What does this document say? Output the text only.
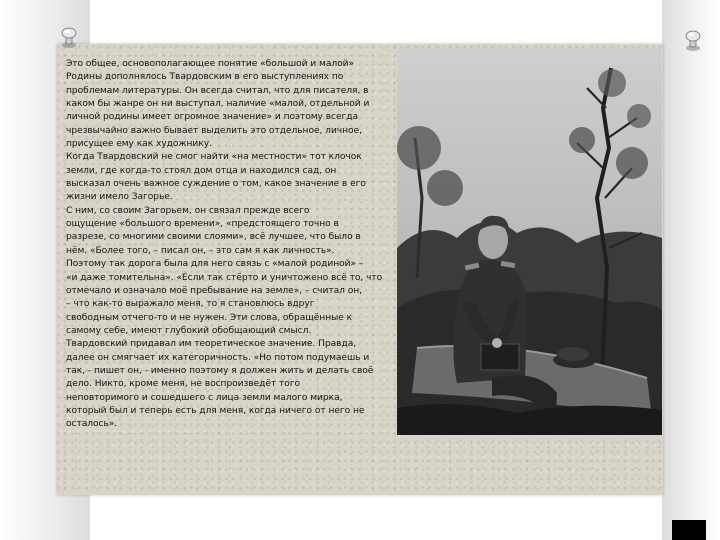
Это общее, основополагающее понятие «большой и малой»
Родины дополнялось Твардовским в его выступлениях по
проблемам литературы. Он всегда считал, что для писателя, в
каком бы жанре он ни выступал, наличие «малой, отдельной и
личной родины имеет огромное значение» и поэтому всегда
чрезвычайно важно бывает выделить это отдельное, личное,
присущее ему как художнику.
Когда Твардовский не смог найти «на местности» тот клочок
земли, где когда-то стоял дом отца и находился сад, он
высказал очень важное суждение о том, какое значение в его
жизни имело Загорье.
С ним, со своим Загорьем, он связал прежде всего
ощущение «большого времени», «предстоящего точно в
разрезе, со многими своими слоями», всё лучшее, что было в
нём. «Более того, – писал он, – это сам я как личность».
Поэтому так дорога была для него связь с «малой родиной» –
«и даже томительна». «Если так стёрто и уничтожено всё то, что
отмечало и означало моё пребывание на земле», – считал он,
– что как-то выражало меня, то я становлюсь вдруг
свободным отчего-то и не нужен. Эти слова, обращённые к
самому себе, имеют глубокий обобщающий смысл.
Твардовский придавал им теоретическое значение. Правда,
далее он смягчает их категоричность. «Но потом подумаешь и
так, - пишет он, - именно поэтому я должен жить и делать своё
дело. Никто, кроме меня, не воспроизведёт того
неповторимого и сошедшего с лица земли малого мирка,
который был и теперь есть для меня, когда ничего от него не
осталось».
